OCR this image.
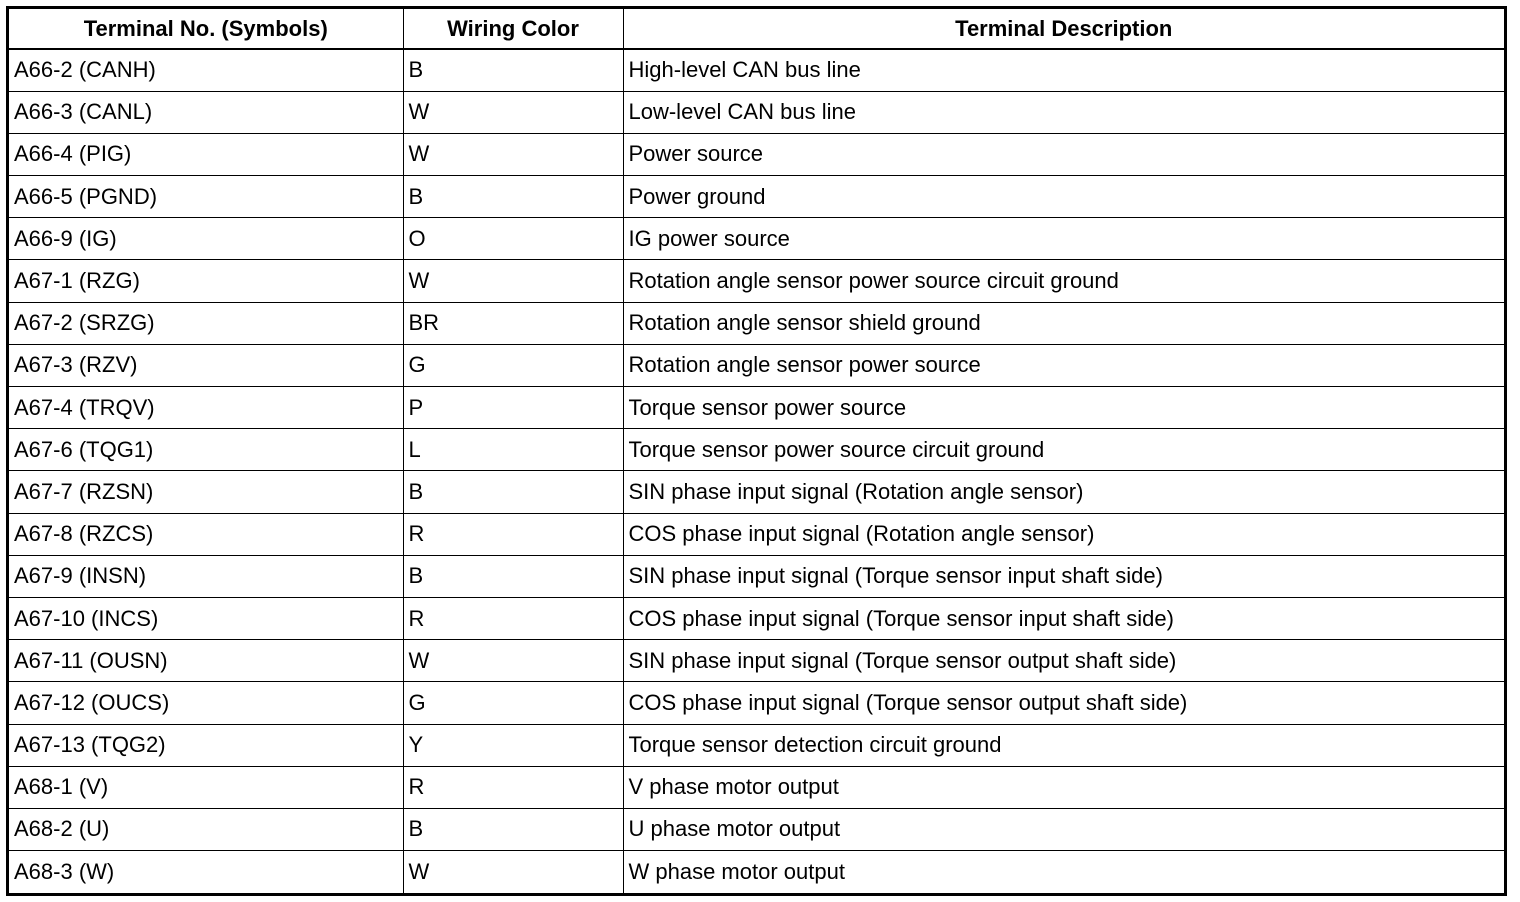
Terminal No. (Symbols)	Wiring Color	Terminal Description
A66-2 (CANH)	B	High-level CAN bus line
A66-3 (CANL)	W	Low-level CAN bus line
A66-4 (PIG)	W	Power source
A66-5 (PGND)	B	Power ground
A66-9 (IG)	O	IG power source
A67-1 (RZG)	W	Rotation angle sensor power source circuit ground
A67-2 (SRZG)	BR	Rotation angle sensor shield ground
A67-3 (RZV)	G	Rotation angle sensor power source
A67-4 (TRQV)	P	Torque sensor power source
A67-6 (TQG1)	L	Torque sensor power source circuit ground
A67-7 (RZSN)	B	SIN phase input signal (Rotation angle sensor)
A67-8 (RZCS)	R	COS phase input signal (Rotation angle sensor)
A67-9 (INSN)	B	SIN phase input signal (Torque sensor input shaft side)
A67-10 (INCS)	R	COS phase input signal (Torque sensor input shaft side)
A67-11 (OUSN)	W	SIN phase input signal (Torque sensor output shaft side)
A67-12 (OUCS)	G	COS phase input signal (Torque sensor output shaft side)
A67-13 (TQG2)	Y	Torque sensor detection circuit ground
A68-1 (V)	R	V phase motor output
A68-2 (U)	B	U phase motor output
A68-3 (W)	W	W phase motor output
